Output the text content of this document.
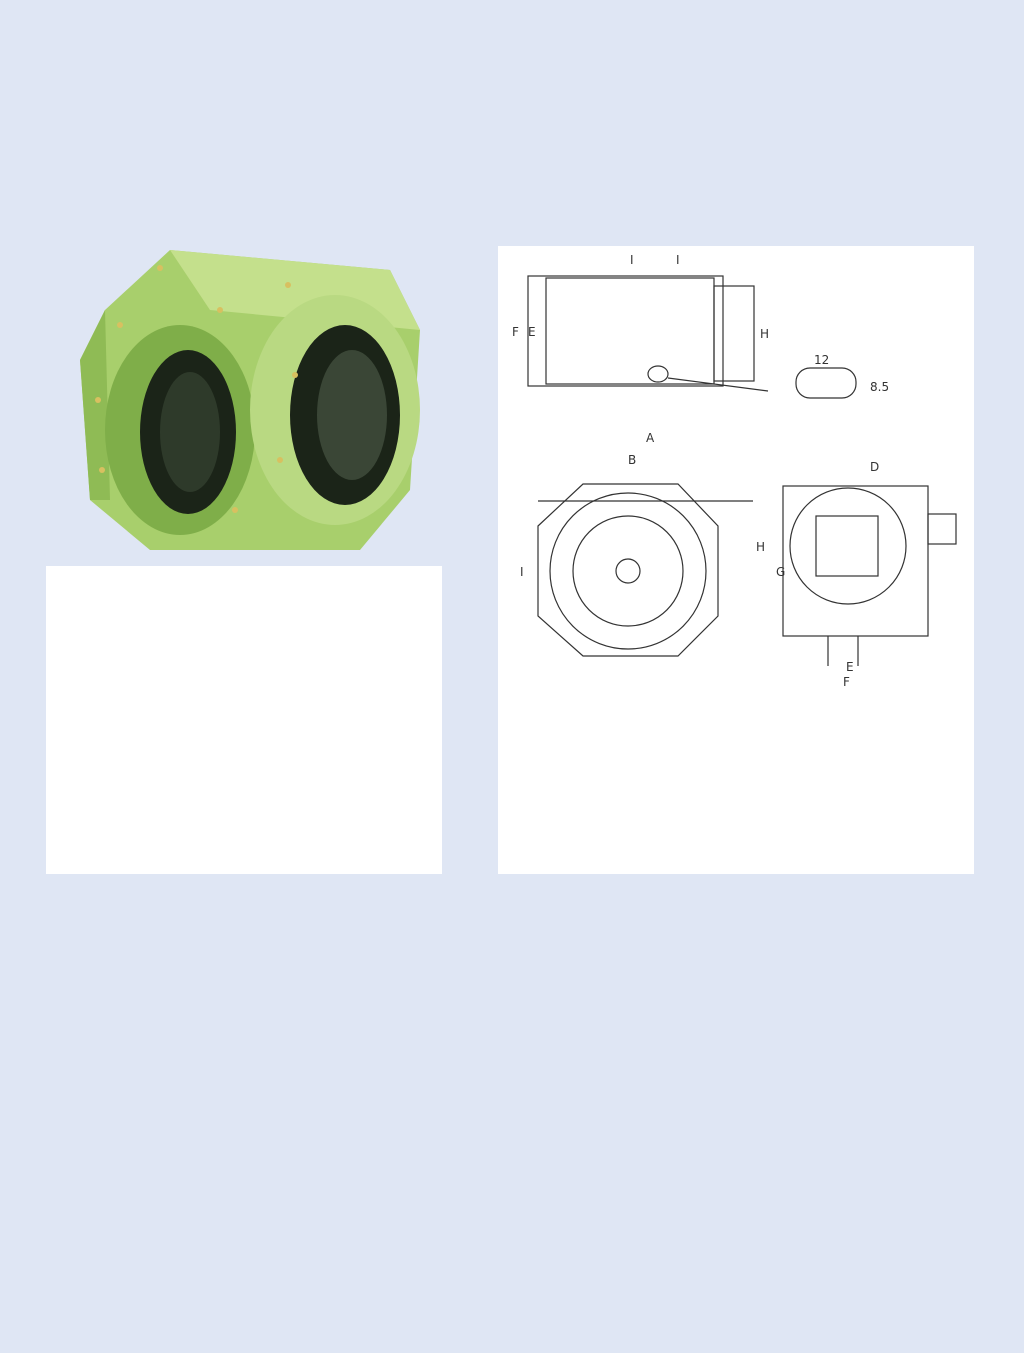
I	I
F E	H
A
B
H
I	G
D
E
F
12
8.5
